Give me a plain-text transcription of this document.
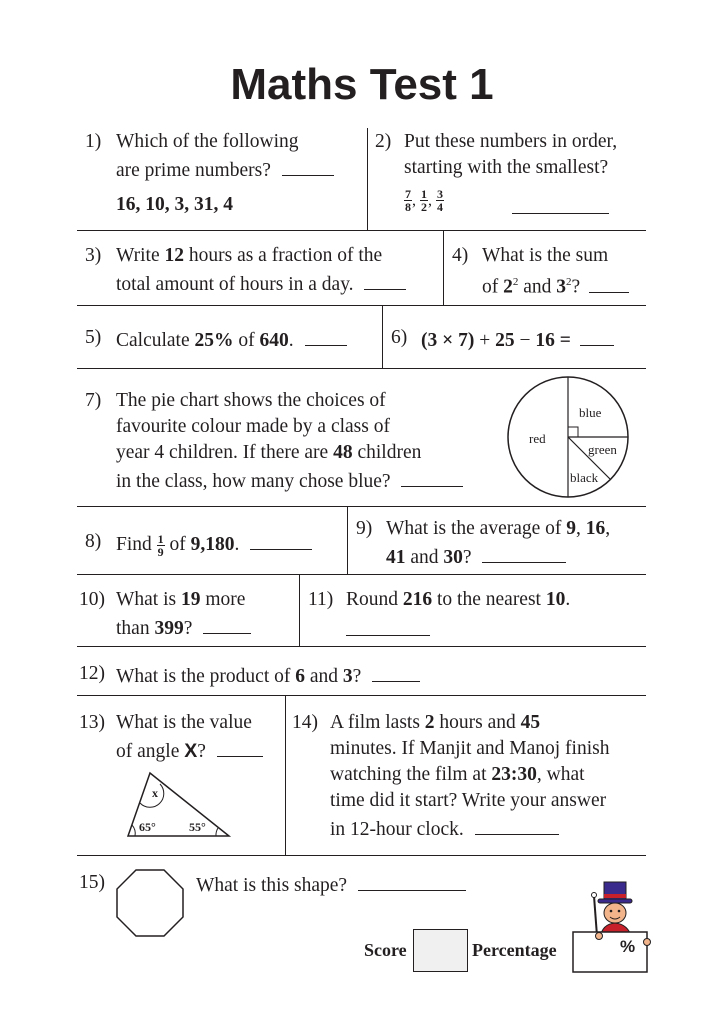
Maths Test 1
1) Which of the following
are prime numbers?
16, 10, 3, 31, 4
2) Put these numbers in order,
starting with the smallest?
$\frac{7}{8}$ , $\frac{1}{2}$ , $\frac{3}{4}$
3) Write 12 hours as a fraction of the
total amount of hours in a day.
4) What is the sum
of $2^2$ and $3^2$?
5) Calculate 25% of 640.	6) (3 × 7) + 25 − 16 =
7) The pie chart shows the choices of
favourite colour made by a class of
year 4 children. If there are 48 children
in the class, how many chose blue?
blue
red
green
black
8) Find $\frac{1}{9}$ of 9,180.
9) What is the average of 9, 16,
41 and 30?
10) What is 19 more
than 399?
11) Round 216 to the nearest 10.
12) What is the product of 6 and 3?
13) What is the value
of angle X?
x
65°	55°
14) A film lasts 2 hours and 45
minutes. If Manjit and Manoj finish
watching the film at 23:30, what
time did it start? Write your answer
in 12-hour clock.
15)	What is this shape?
Score	Percentage	%
